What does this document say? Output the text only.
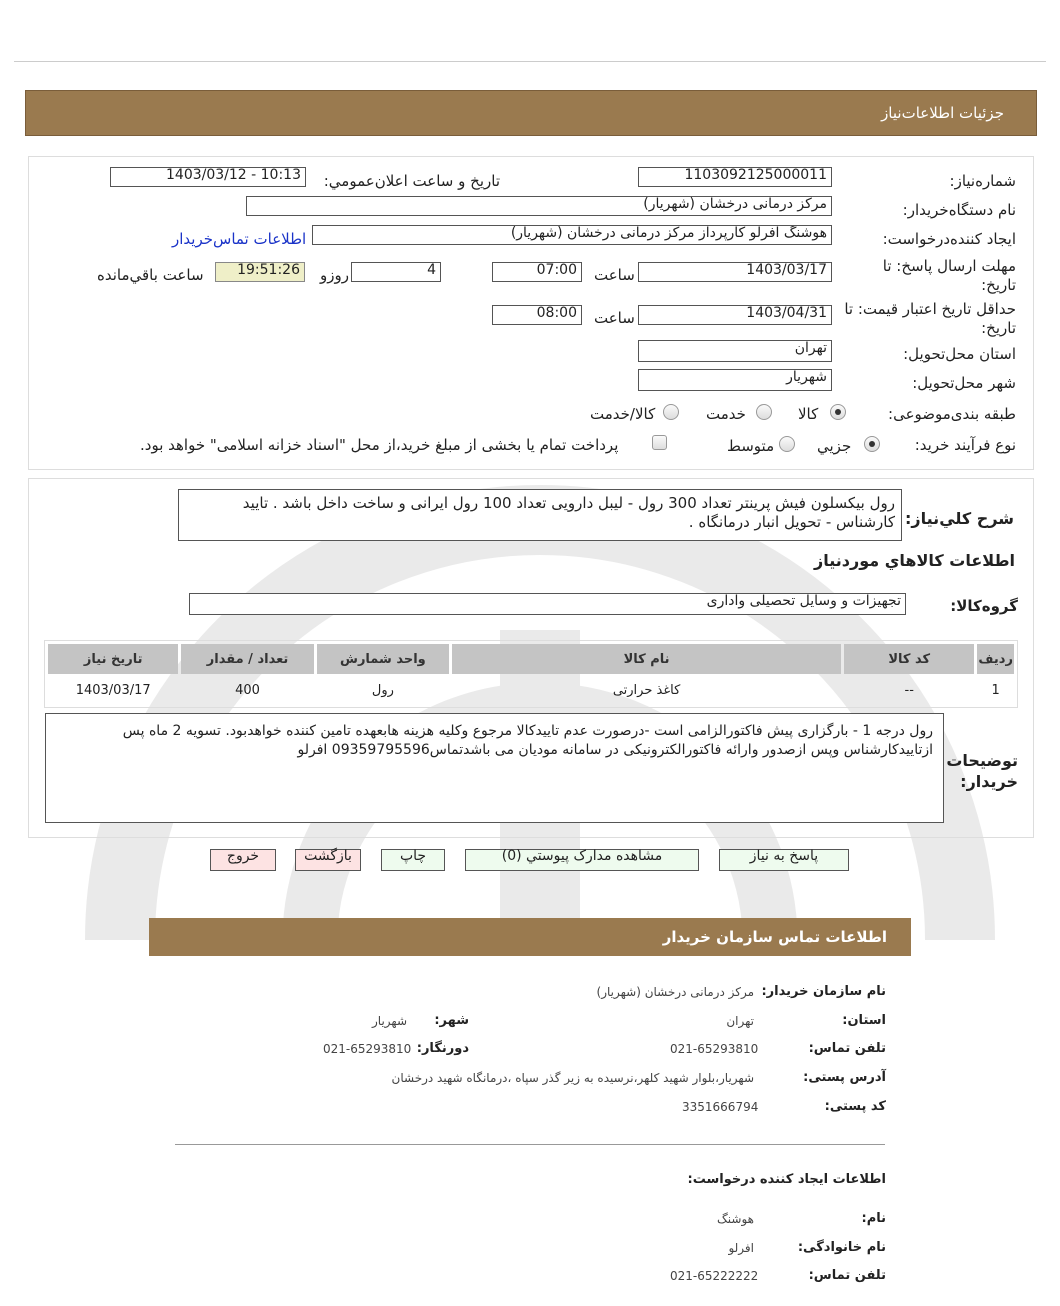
جزئیات اطلاعات‌نیاز
شماره‌نیاز:
1103092125000011
تاريخ و ساعت اعلان‌عمومي:
1403/03/12 - 10:13
نام دستگاه‌خريدار:
مرکز درمانی درخشان (شهریار)
ايجاد کننده‌درخواست:
هوشنگ افرلو کارپرداز مرکز درمانی درخشان (شهریار)
اطلاعات تماس‌خريدار
مهلت ارسال پاسخ: تا تاريخ:
1403/03/17
ساعت
07:00
4
روزو
19:51:26
ساعت باقي‌مانده
حداقل تاريخ اعتبار قيمت: تا تاريخ:
1403/04/31
ساعت
08:00
استان محل‌تحويل:
تهران
شهر محل‌تحويل:
شهریار
طبقه بندی‌موضوعی:
کالا
خدمت
کالا/خدمت
نوع فرآيند خريد:
جزيي
متوسط
پرداخت تمام يا بخشی از مبلغ خريد،از محل "اسناد خزانه اسلامی" خواهد بود.
شرح كلي‌نياز:
رول بیکسلون فیش پرینتر تعداد 300 رول - لیبل دارویی تعداد 100 رول ایرانی و ساخت داخل باشد . تایید کارشناس - تحویل انبار درمانگاه .
اطلاعات کالاهاي موردنياز
گروه‌کالا:
تجهیزات و وسایل تحصیلی واداری
رديف	کد کالا	نام کالا	واحد شمارش	تعداد / مقدار	تاريخ نياز
1	--	کاغذ حرارتی	رول	400	1403/03/17
توضيحات خريدار:
رول درجه 1 - بارگزاری پیش فاکتورالزامی است -درصورت عدم تاییدکالا مرجوع وکلیه هزینه هابعهده تامین کننده خواهدبود. تسویه 2 ماه پس ازتاییدکارشناس وپس ازصدور وارائه فاکتورالکترونیکی در سامانه مودیان می باشدتماس09359795596 افرلو
پاسخ به نياز
مشاهده مدارک پيوستي (0)
چاپ
بازگشت
خروج
اطلاعات تماس سازمان خریدار
نام سازمان خریدار:
مرکز درمانی درخشان (شهریار)
استان:
تهران
شهر:
شهریار
تلفن تماس:
021-65293810
دورنگار:
021-65293810
آدرس پستی:
شهریار،بلوار شهید کلهر،نرسیده به زیر گذر سپاه ،درمانگاه شهید درخشان
کد پستی:
3351666794
اطلاعات ایجاد کننده درخواست:
نام:
هوشنگ
نام خانوادگی:
افرلو
تلفن تماس:
021-65222222
